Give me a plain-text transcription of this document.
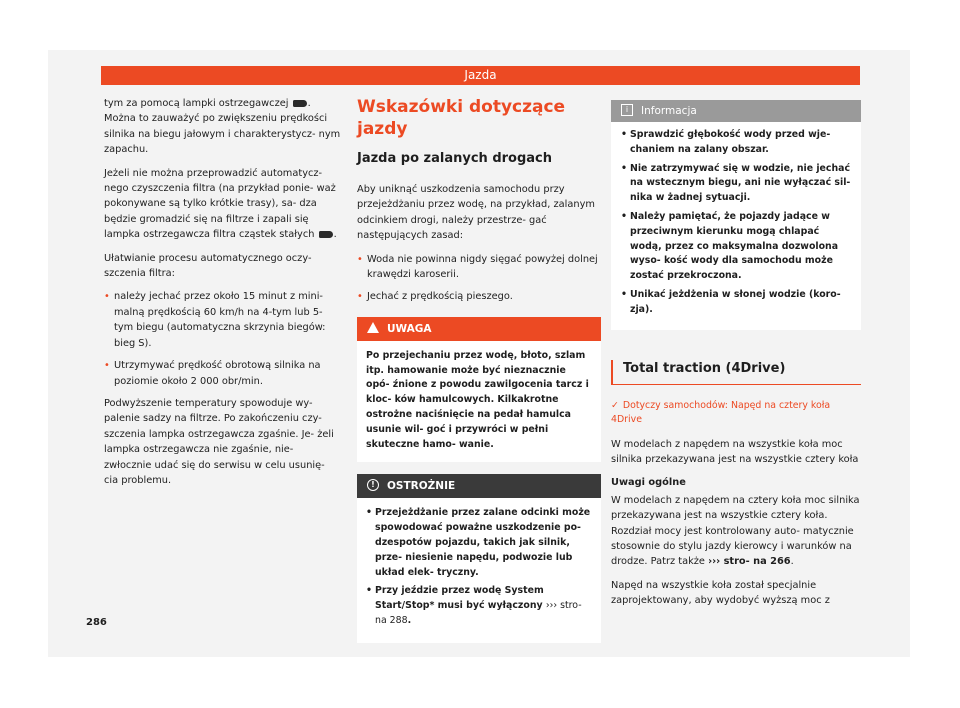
Jazda

tym za pomocą lampki ostrzegawczej . Można to zauważyć po zwiększeniu prędkości silnika na biegu jałowym i charakterystycz- nym zapachu.

Jeżeli nie można przeprowadzić automatycz- nego czyszczenia filtra (na przykład ponie- waż pokonywane są tylko krótkie trasy), sa- dza będzie gromadzić się na filtrze i zapali się lampka ostrzegawcza filtra cząstek stałych .

Ułatwianie procesu automatycznego oczy- szczenia filtra:

• należy jechać przez około 15 minut z mini- malną prędkością 60 km/h na 4-tym lub 5- tym biegu (automatyczna skrzynia biegów: bieg S).
• Utrzymywać prędkość obrotową silnika na poziomie około 2 000 obr/min.

Podwyższenie temperatury spowoduje wy- palenie sadzy na filtrze. Po zakończeniu czy- szczenia lampka ostrzegawcza zgaśnie. Je- żeli lampka ostrzegawcza nie zgaśnie, nie- zwłocznie udać się do serwisu w celu usunię- cia problemu.

Wskazówki dotyczące jazdy
Jazda po zalanych drogach

Aby uniknąć uszkodzenia samochodu przy przejeżdżaniu przez wodę, na przykład, zalanym odcinkiem drogi, należy przestrze- gać następujących zasad:

• Woda nie powinna nigdy sięgać powyżej dolnej krawędzi karoserii.
• Jechać z prędkością pieszego.
UWAGA
Po przejechaniu przez wodę, błoto, szlam itp. hamowanie może być nieznacznie opó- źnione z powodu zawilgocenia tarcz i kloc- ków hamulcowych. Kilkakrotne ostrożne naciśnięcie na pedał hamulca usunie wil- goć i przywróci w pełni skuteczne hamo- wanie.
! OSTROŻNIE
• Przejeżdżanie przez zalane odcinki może spowodować poważne uszkodzenie po- dzespotów pojazdu, takich jak silnik, prze- niesienie napędu, podwozie lub układ elek- tryczny.
• Przy jeździe przez wodę System Start/Stop* musi być wyłączony ››› stro- na 288.
i Informacja
• Sprawdzić głębokość wody przed wje- chaniem na zalany obszar.
• Nie zatrzymywać się w wodzie, nie jechać na wstecznym biegu, ani nie wyłączać sil- nika w żadnej sytuacji.
• Należy pamiętać, że pojazdy jadące w przeciwnym kierunku mogą chlapać wodą, przez co maksymalna dozwolona wyso- kość wody dla samochodu może zostać przekroczona.
• Unikać jeżdżenia w słonej wodzie (koro- zja).
Total traction (4Drive)
✓ Dotyczy samochodów: Napęd na cztery koła 4Drive

W modelach z napędem na wszystkie koła moc silnika przekazywana jest na wszystkie cztery koła

Uwagi ogólne

W modelach z napędem na cztery koła moc silnika przekazywana jest na wszystkie cztery koła. Rozdział mocy jest kontrolowany auto- matycznie stosownie do stylu jazdy kierowcy i warunków na drodze. Patrz także ››› stro- na 266.

Napęd na wszystkie koła został specjalnie zaprojektowany, aby wydobyć wyższą moc z

286
